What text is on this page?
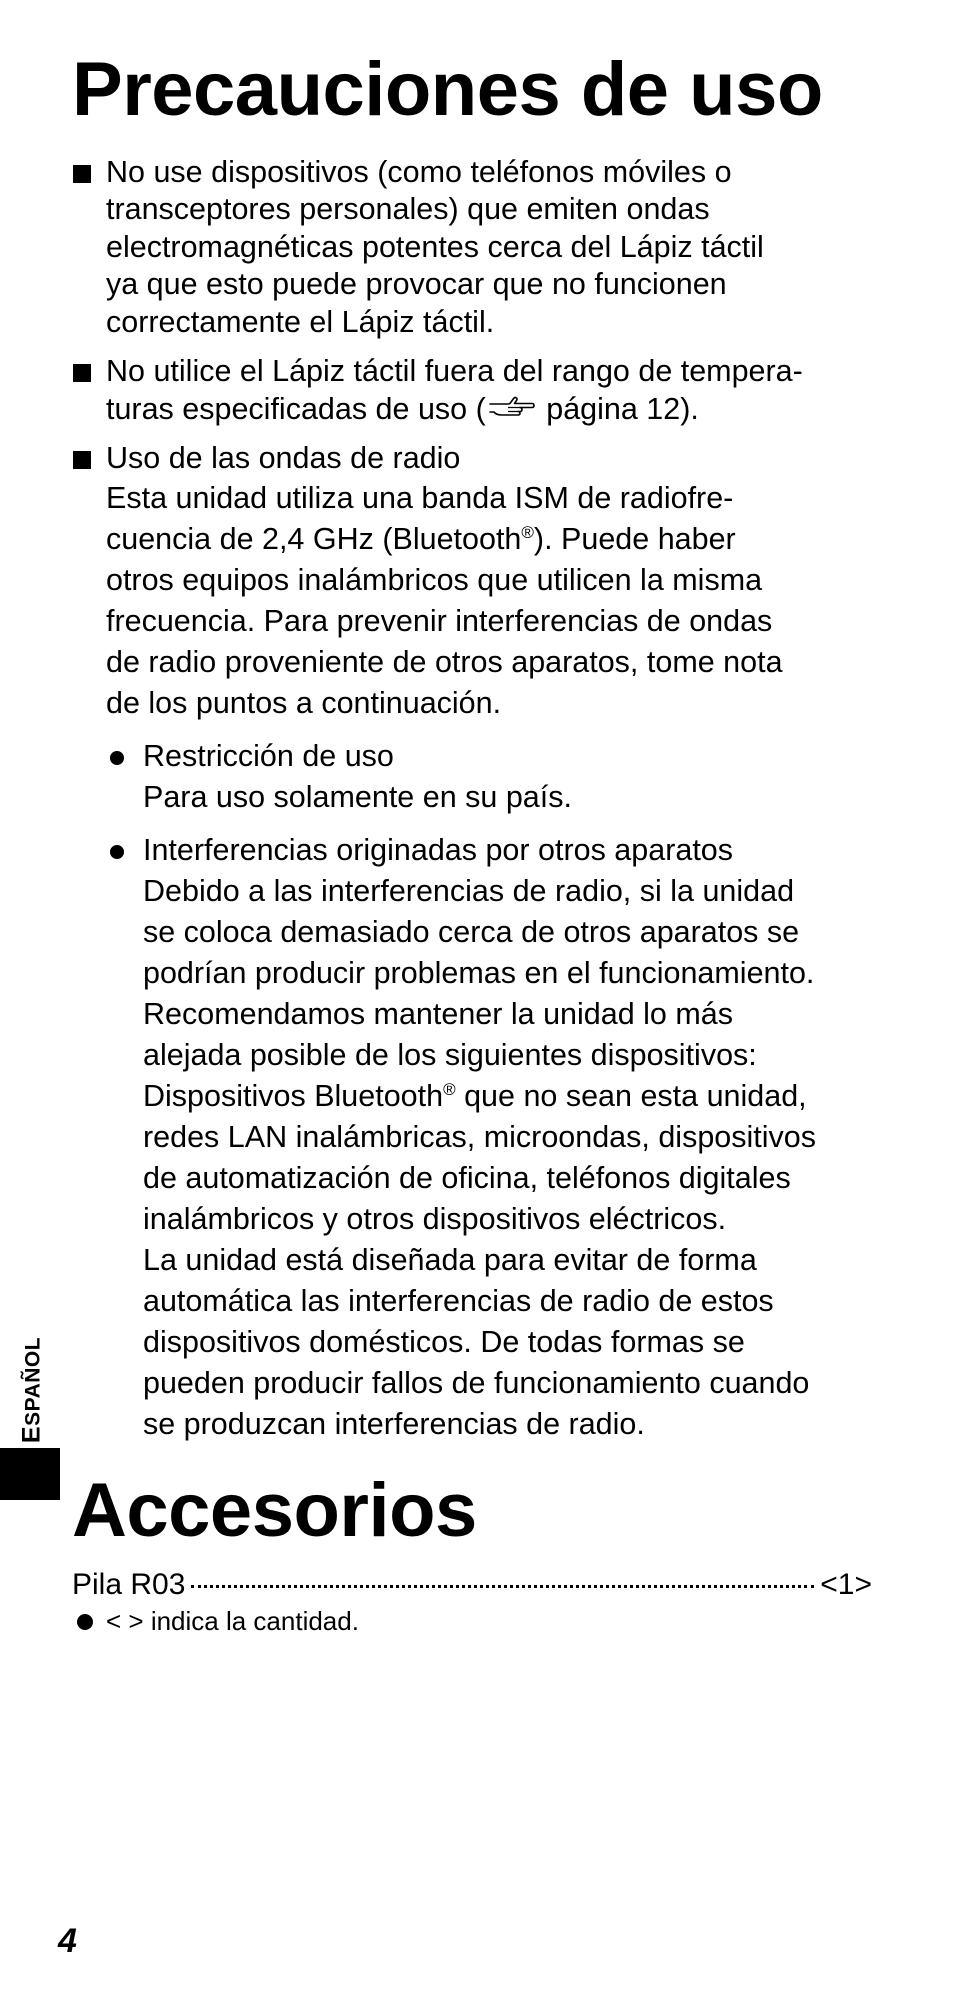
Precauciones de uso
No use dispositivos (como teléfonos móviles o
transceptores personales) que emiten ondas
electromagnéticas potentes cerca del Lápiz táctil
ya que esto puede provocar que no funcionen
correctamente el Lápiz táctil.
No utilice el Lápiz táctil fuera del rango de tempera-
turas especificadas de uso ( página 12).
Uso de las ondas de radio
Esta unidad utiliza una banda ISM de radiofre-
cuencia de 2,4 GHz (Bluetooth®). Puede haber
otros equipos inalámbricos que utilicen la misma
frecuencia. Para prevenir interferencias de ondas
de radio proveniente de otros aparatos, tome nota
de los puntos a continuación.
Restricción de uso
Para uso solamente en su país.
Interferencias originadas por otros aparatos
Debido a las interferencias de radio, si la unidad
se coloca demasiado cerca de otros aparatos se
podrían producir problemas en el funcionamiento.
Recomendamos mantener la unidad lo más
alejada posible de los siguientes dispositivos:
Dispositivos Bluetooth® que no sean esta unidad,
redes LAN inalámbricas, microondas, dispositivos
de automatización de oficina, teléfonos digitales
inalámbricos y otros dispositivos eléctricos.
La unidad está diseñada para evitar de forma
automática las interferencias de radio de estos
dispositivos domésticos. De todas formas se
pueden producir fallos de funcionamiento cuando
se produzcan interferencias de radio.
Accesorios
Pila R03	<1>
< > indica la cantidad.
ESPAÑOL
4
